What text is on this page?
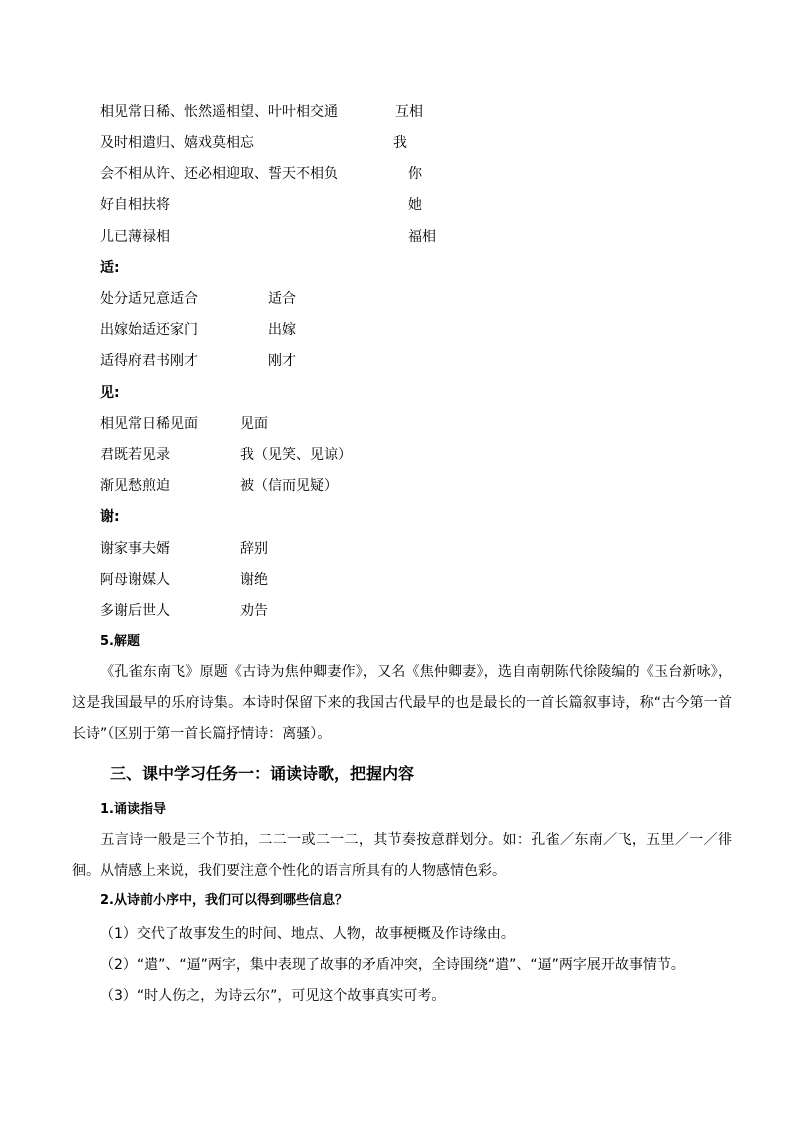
相见常日稀、怅然遥相望、叶叶相交通	互相
及时相遣归、嬉戏莫相忘	我
会不相从许、还必相迎取、誓天不相负	你
好自相扶将	她
儿已薄禄相	福相
适:
处分适兄意适合	适合
出嫁始适还家门	出嫁
适得府君书刚才	刚才
见:
相见常日稀见面	见面
君既若见录	我（见笑、见谅）
渐见愁煎迫	被（信而见疑）
谢:
谢家事夫婿	辞别
阿母谢媒人	谢绝
多谢后世人	劝告
5.解题
《孔雀东南飞》原题《古诗为焦仲卿妻作》，又名《焦仲卿妻》，选自南朝陈代徐陵编的《玉台新咏》，这是我国最早的乐府诗集。本诗时保留下来的我国古代最早的也是最长的一首长篇叙事诗，称“古今第一首长诗”（区别于第一首长篇抒情诗：离骚）。
三、课中学习任务一：诵读诗歌，把握内容
1.诵读指导
五言诗一般是三个节拍，二二一或二一二，其节奏按意群划分。如：孔雀／东南／飞，五里／一／徘徊。从情感上来说，我们要注意个性化的语言所具有的人物感情色彩。
2.从诗前小序中，我们可以得到哪些信息？
（1）交代了故事发生的时间、地点、人物，故事梗概及作诗缘由。
（2）“遣”、“逼”两字，集中表现了故事的矛盾冲突，全诗围绕“遣”、“逼”两字展开故事情节。
（3）“时人伤之，为诗云尔”，可见这个故事真实可考。
